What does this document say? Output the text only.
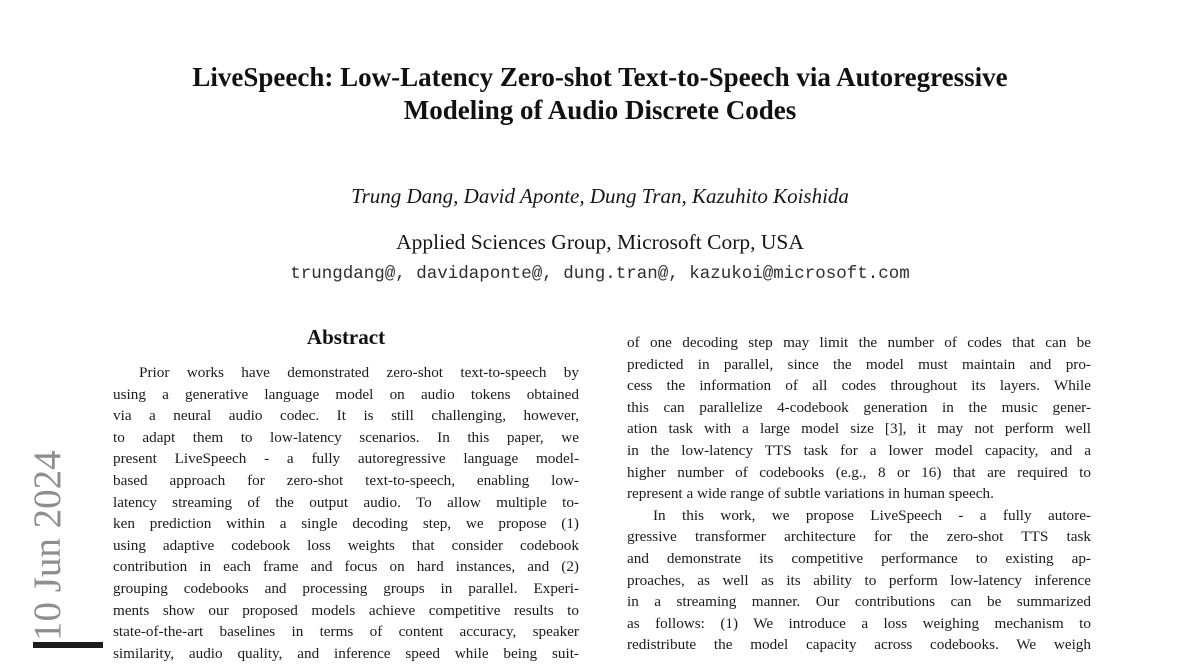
LiveSpeech: Low-Latency Zero-shot Text-to-Speech via Autoregressive
Modeling of Audio Discrete Codes
Trung Dang, David Aponte, Dung Tran, Kazuhito Koishida
Applied Sciences Group, Microsoft Corp, USA
trungdang@, davidaponte@, dung.tran@, kazukoi@microsoft.com
Abstract
Prior works have demonstrated zero-shot text-to-speech by
using a generative language model on audio tokens obtained
via a neural audio codec. It is still challenging, however,
to adapt them to low-latency scenarios. In this paper, we
present LiveSpeech - a fully autoregressive language model-
based approach for zero-shot text-to-speech, enabling low-
latency streaming of the output audio. To allow multiple to-
ken prediction within a single decoding step, we propose (1)
using adaptive codebook loss weights that consider codebook
contribution in each frame and focus on hard instances, and (2)
grouping codebooks and processing groups in parallel. Experi-
ments show our proposed models achieve competitive results to
state-of-the-art baselines in terms of content accuracy, speaker
similarity, audio quality, and inference speed while being suit-
of one decoding step may limit the number of codes that can be
predicted in parallel, since the model must maintain and pro-
cess the information of all codes throughout its layers. While
this can parallelize 4-codebook generation in the music gener-
ation task with a large model size [3], it may not perform well
in the low-latency TTS task for a lower model capacity, and a
higher number of codebooks (e.g., 8 or 16) that are required to
represent a wide range of subtle variations in human speech.
In this work, we propose LiveSpeech - a fully autore-
gressive transformer architecture for the zero-shot TTS task
and demonstrate its competitive performance to existing ap-
proaches, as well as its ability to perform low-latency inference
in a streaming manner. Our contributions can be summarized
as follows: (1) We introduce a loss weighing mechanism to
redistribute the model capacity across codebooks. We weigh
10 Jun 2024
